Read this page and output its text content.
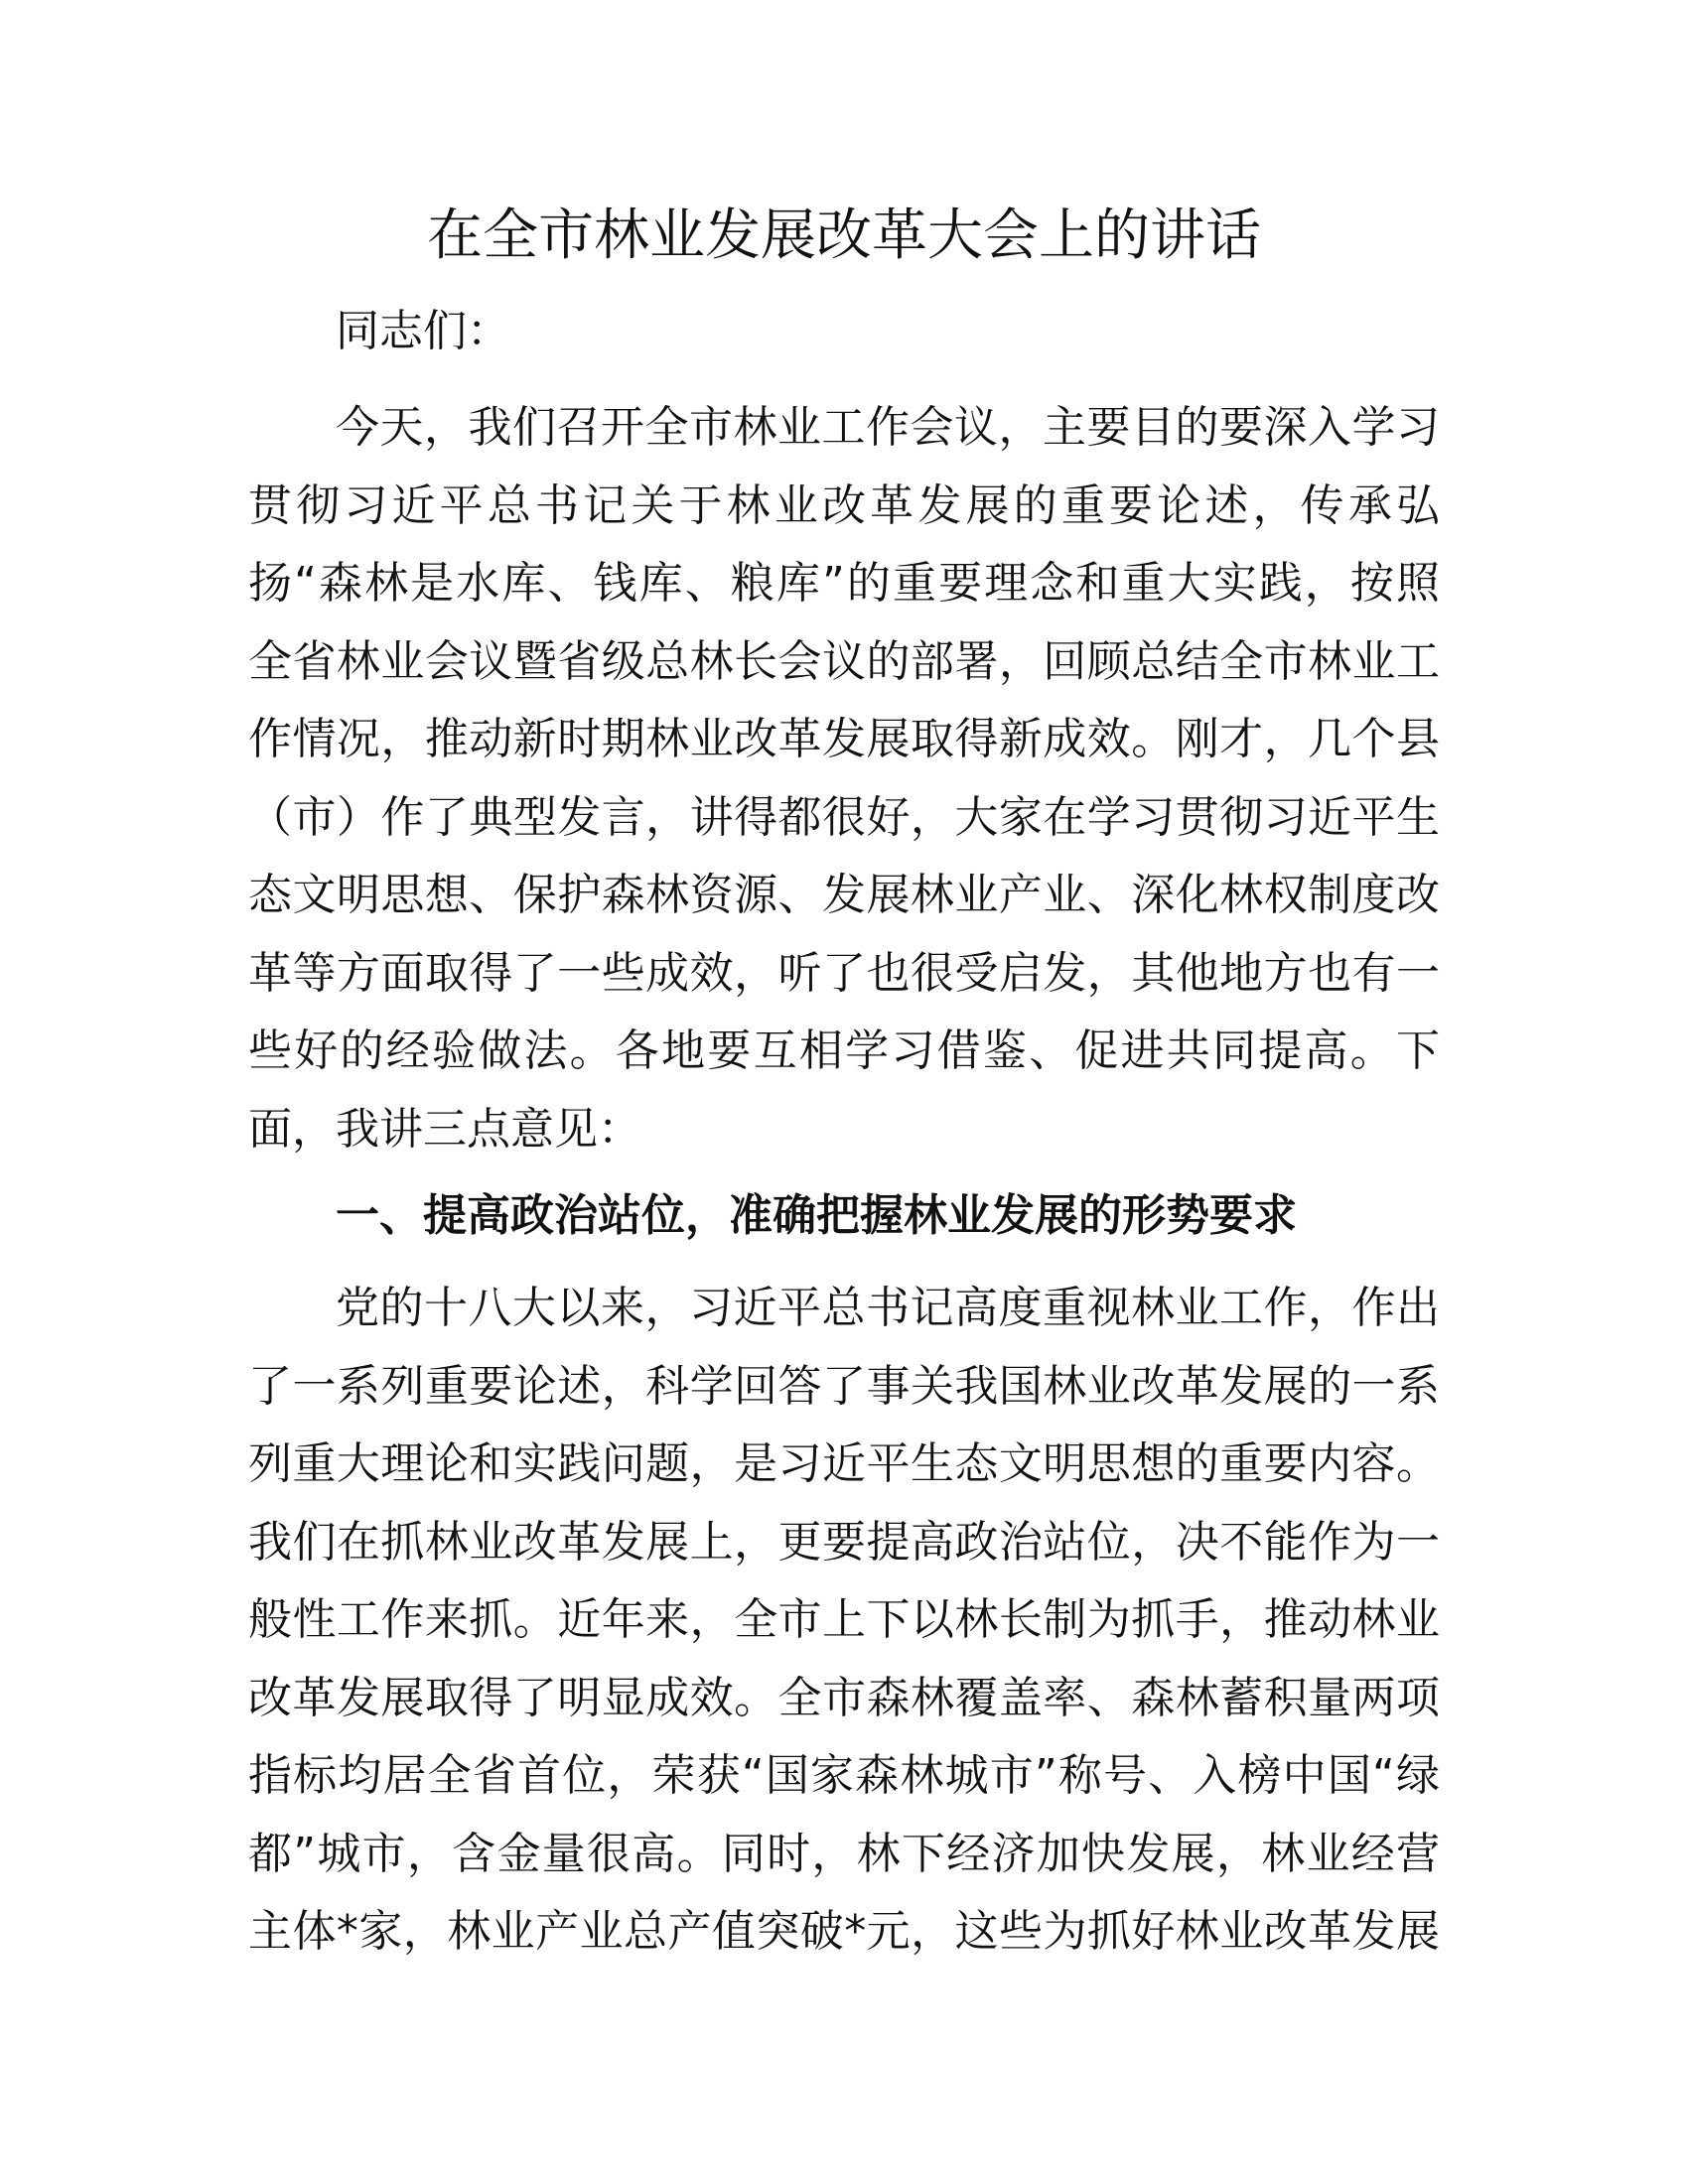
在全市林业发展改革大会上的讲话

同志们：

今天，我们召开全市林业工作会议，主要目的要深入学习
贯彻习近平总书记关于林业改革发展的重要论述，传承弘
扬“森林是水库、钱库、粮库”的重要理念和重大实践，按照
全省林业会议暨省级总林长会议的部署，回顾总结全市林业工
作情况，推动新时期林业改革发展取得新成效。刚才，几个县
（市）作了典型发言，讲得都很好，大家在学习贯彻习近平生
态文明思想、保护森林资源、发展林业产业、深化林权制度改
革等方面取得了一些成效，听了也很受启发，其他地方也有一
些好的经验做法。各地要互相学习借鉴、促进共同提高。下
面，我讲三点意见：

一、提高政治站位，准确把握林业发展的形势要求

党的十八大以来，习近平总书记高度重视林业工作，作出
了一系列重要论述，科学回答了事关我国林业改革发展的一系
列重大理论和实践问题，是习近平生态文明思想的重要内容。
我们在抓林业改革发展上，更要提高政治站位，决不能作为一
般性工作来抓。近年来，全市上下以林长制为抓手，推动林业
改革发展取得了明显成效。全市森林覆盖率、森林蓄积量两项
指标均居全省首位，荣获“国家森林城市”称号、入榜中国“绿
都”城市，含金量很高。同时，林下经济加快发展，林业经营
主体*家，林业产业总产值突破*元，这些为抓好林业改革发展
